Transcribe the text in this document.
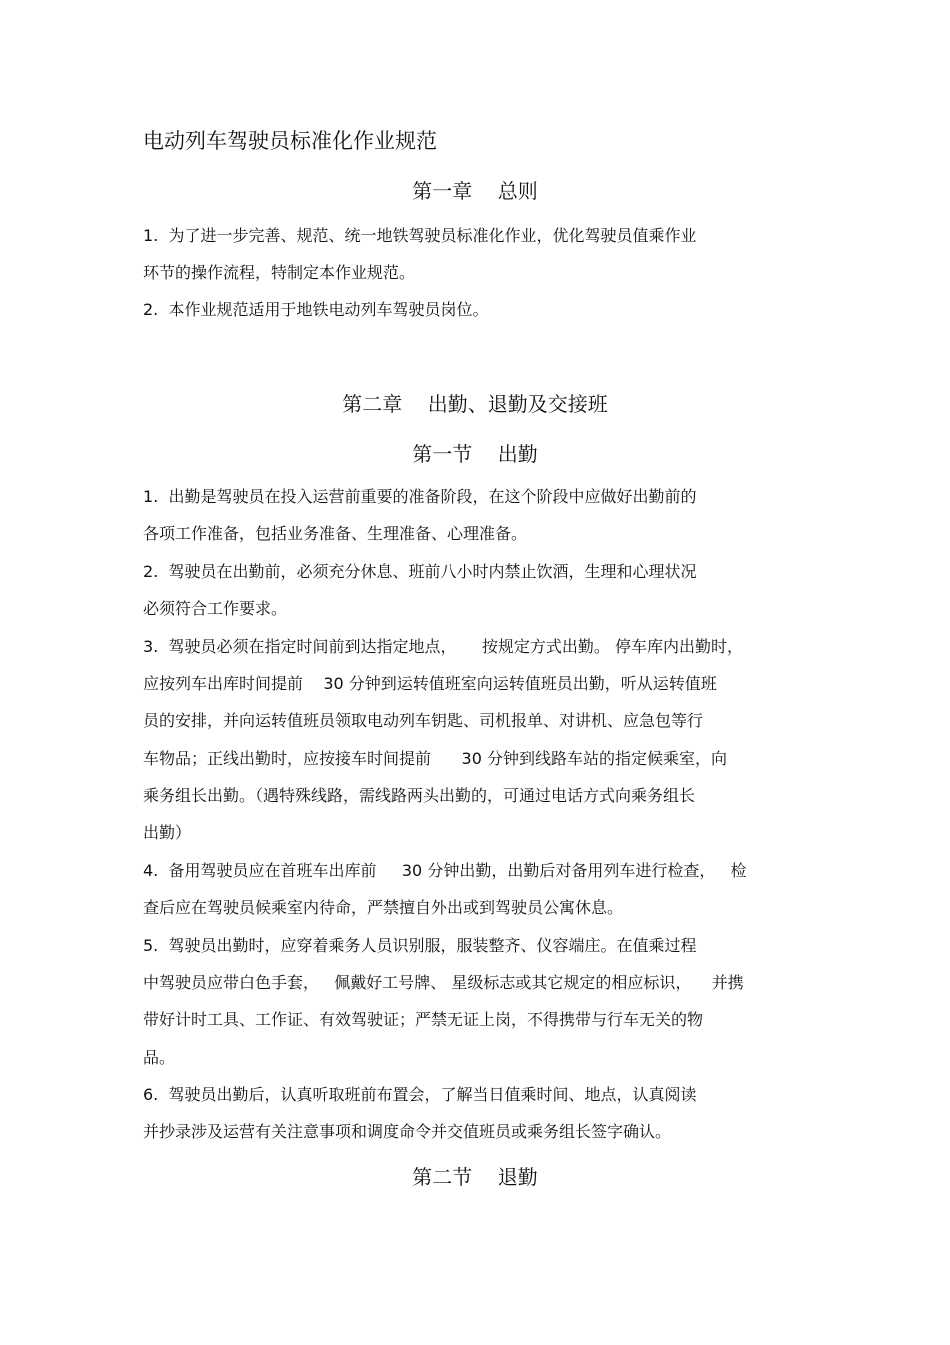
电动列车驾驶员标准化作业规范
第一章    总则
1.  为了进一步完善、规范、统一地铁驾驶员标准化作业，优化驾驶员值乘作业
环节的操作流程，特制定本作业规范。
2.  本作业规范适用于地铁电动列车驾驶员岗位。
第二章    出勤、退勤及交接班
第一节    出勤
1.  出勤是驾驶员在投入运营前重要的准备阶段，在这个阶段中应做好出勤前的
各项工作准备，包括业务准备、生理准备、心理准备。
2.  驾驶员在出勤前，必须充分休息、班前八小时内禁止饮酒，生理和心理状况
必须符合工作要求。
3.  驾驶员必须在指定时间前到达指定地点，     按规定方式出勤。 停车库内出勤时，
应按列车出库时间提前    30 分钟到运转值班室向运转值班员出勤，听从运转值班
员的安排，并向运转值班员领取电动列车钥匙、司机报单、对讲机、应急包等行
车物品；正线出勤时，应按接车时间提前      30 分钟到线路车站的指定候乘室，向
乘务组长出勤。（遇特殊线路，需线路两头出勤的，可通过电话方式向乘务组长
出勤）
4.  备用驾驶员应在首班车出库前     30 分钟出勤，出勤后对备用列车进行检查，   检
查后应在驾驶员候乘室内待命，严禁擅自外出或到驾驶员公寓休息。
5.  驾驶员出勤时，应穿着乘务人员识别服，服装整齐、仪容端庄。在值乘过程
中驾驶员应带白色手套，   佩戴好工号牌、 星级标志或其它规定的相应标识，    并携
带好计时工具、工作证、有效驾驶证；严禁无证上岗，不得携带与行车无关的物
品。
6.  驾驶员出勤后，认真听取班前布置会，了解当日值乘时间、地点，认真阅读
并抄录涉及运营有关注意事项和调度命令并交值班员或乘务组长签字确认。
第二节    退勤
